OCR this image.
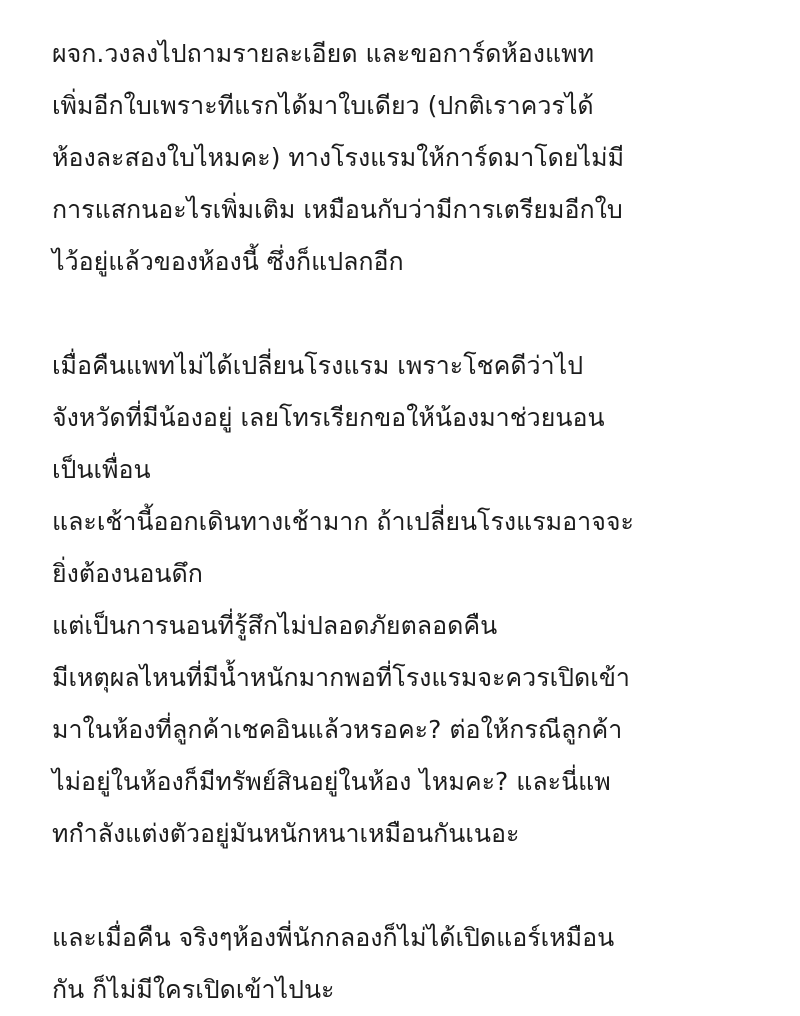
ผจก.วงลงไปถามรายละเอียด และขอการ์ดห้องแพท
เพิ่มอีกใบเพราะทีแรกได้มาใบเดียว (ปกติเราควรได้
ห้องละสองใบไหมคะ) ทางโรงแรมให้การ์ดมาโดยไม่มี
การแสกนอะไรเพิ่มเติม เหมือนกับว่ามีการเตรียมอีกใบ
ไว้อยู่แล้วของห้องนี้ ซึ่งก็แปลกอีก
เมื่อคืนแพทไม่ได้เปลี่ยนโรงแรม เพราะโชคดีว่าไป
จังหวัดที่มีน้องอยู่ เลยโทรเรียกขอให้น้องมาช่วยนอน
เป็นเพื่อน
และเช้านี้ออกเดินทางเช้ามาก ถ้าเปลี่ยนโรงแรมอาจจะ
ยิ่งต้องนอนดึก
แต่เป็นการนอนที่รู้สึกไม่ปลอดภัยตลอดคืน
มีเหตุผลไหนที่มีน้ำหนักมากพอที่โรงแรมจะควรเปิดเข้า
มาในห้องที่ลูกค้าเชคอินแล้วหรอคะ? ต่อให้กรณีลูกค้า
ไม่อยู่ในห้องก็มีทรัพย์สินอยู่ในห้อง ไหมคะ? และนี่แพ
ทกำลังแต่งตัวอยู่มันหนักหนาเหมือนกันเนอะ
และเมื่อคืน จริงๆห้องพี่นักกลองก็ไม่ได้เปิดแอร์เหมือน
กัน ก็ไม่มีใครเปิดเข้าไปนะ
